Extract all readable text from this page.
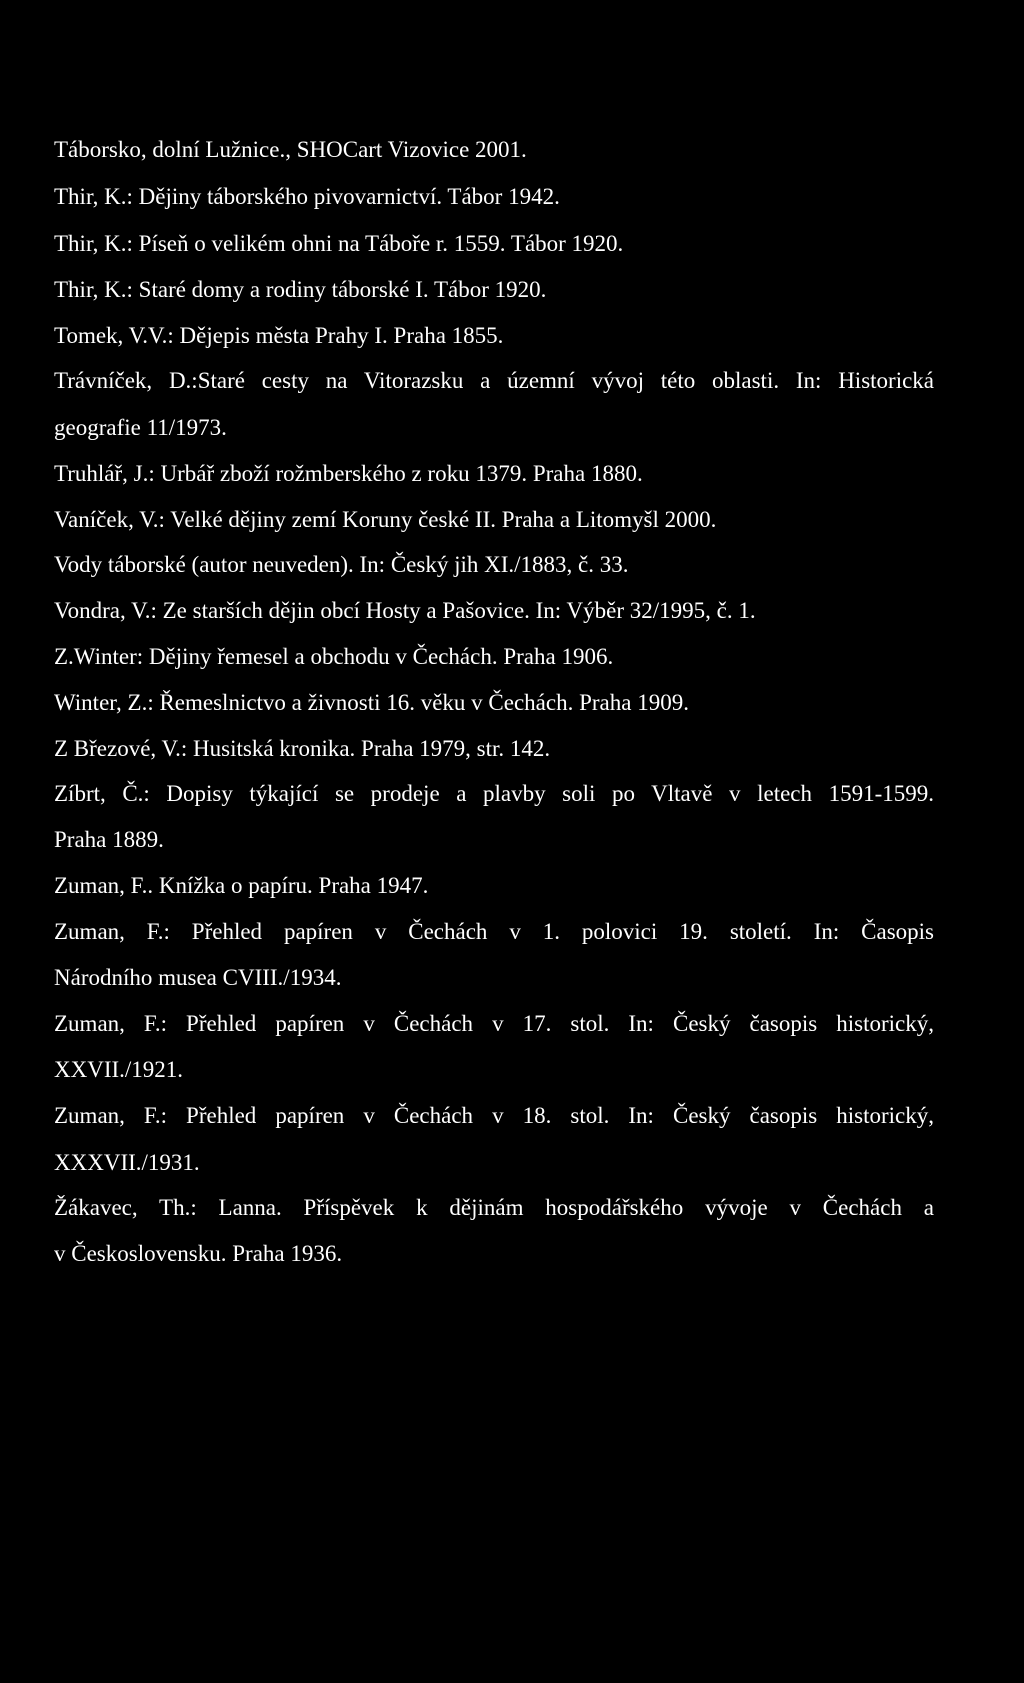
Táborsko, dolní Lužnice., SHOCart Vizovice 2001.
Thir, K.: Dějiny táborského pivovarnictví. Tábor 1942.
Thir, K.: Píseň o velikém ohni na Táboře r. 1559. Tábor 1920.
Thir, K.: Staré domy a rodiny táborské I. Tábor 1920.
Tomek, V.V.: Dějepis města Prahy I. Praha 1855.
Trávníček, D.:Staré cesty na Vitorazsku a územní vývoj této oblasti. In: Historická
geografie 11/1973.
Truhlář, J.: Urbář zboží rožmberského z roku 1379. Praha 1880.
Vaníček, V.: Velké dějiny zemí Koruny české II. Praha a Litomyšl 2000.
Vody táborské (autor neuveden). In: Český jih XI./1883, č. 33.
Vondra, V.: Ze starších dějin obcí Hosty a Pašovice. In: Výběr 32/1995, č. 1.
Z.Winter: Dějiny řemesel a obchodu v Čechách. Praha 1906.
Winter, Z.: Řemeslnictvo a živnosti 16. věku v Čechách. Praha 1909.
Z Březové, V.: Husitská kronika. Praha 1979, str. 142.
Zíbrt, Č.: Dopisy týkající se prodeje a plavby soli po Vltavě v letech 1591-1599.
Praha 1889.
Zuman, F.. Knížka o papíru. Praha 1947.
Zuman, F.: Přehled papíren v Čechách v 1. polovici 19. století. In: Časopis
Národního musea CVIII./1934.
Zuman, F.: Přehled papíren v Čechách v 17. stol. In: Český časopis historický,
XXVII./1921.
Zuman, F.: Přehled papíren v Čechách v 18. stol. In: Český časopis historický,
XXXVII./1931.
Žákavec, Th.: Lanna. Příspěvek k dějinám hospodářského vývoje v Čechách a
v Československu. Praha 1936.
